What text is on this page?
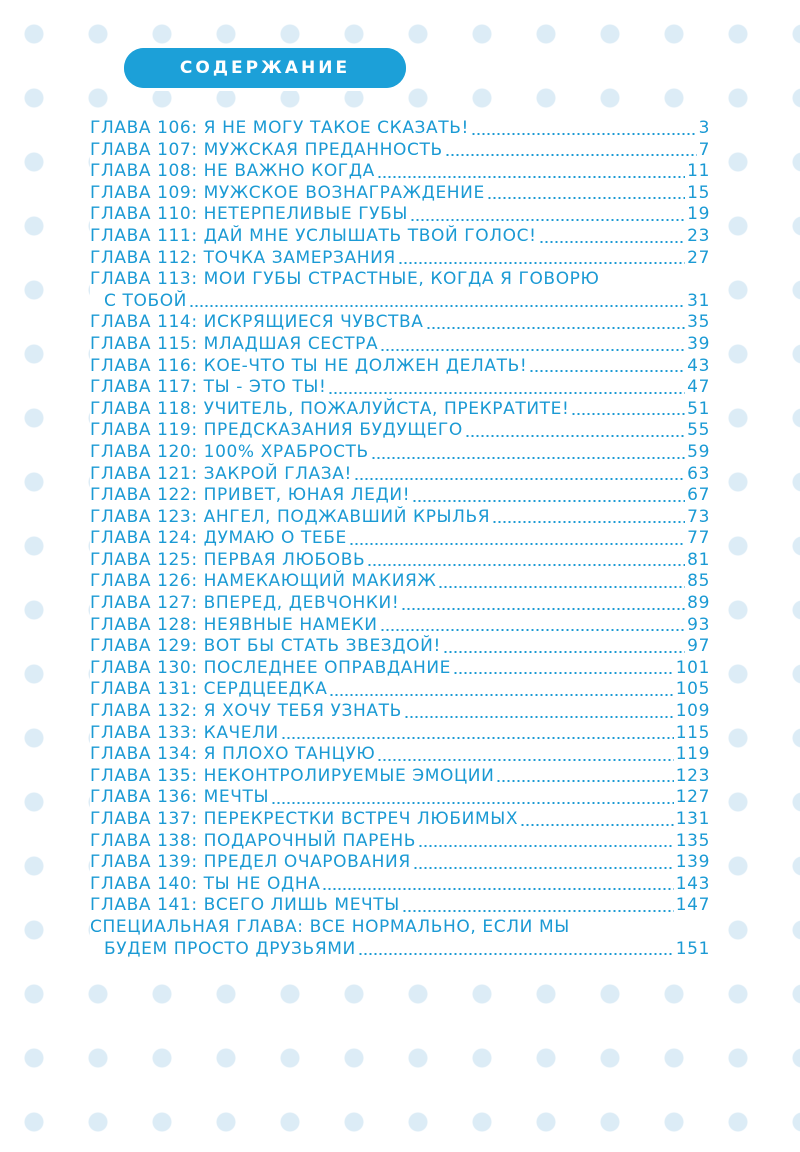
СОДЕРЖАНИЕ
ГЛАВА 106: Я НЕ МОГУ ТАКОЕ СКАЗАТЬ!	3
ГЛАВА 107: МУЖСКАЯ ПРЕДАННОСТЬ	7
ГЛАВА 108: НЕ ВАЖНО КОГДА	11
ГЛАВА 109: МУЖСКОЕ ВОЗНАГРАЖДЕНИЕ	15
ГЛАВА 110: НЕТЕРПЕЛИВЫЕ ГУБЫ	19
ГЛАВА 111: ДАЙ МНЕ УСЛЫШАТЬ ТВОЙ ГОЛОС!	23
ГЛАВА 112: ТОЧКА ЗАМЕРЗАНИЯ	27
ГЛАВА 113: МОИ ГУБЫ СТРАСТНЫЕ, КОГДА Я ГОВОРЮ
С ТОБОЙ	31
ГЛАВА 114: ИСКРЯЩИЕСЯ ЧУВСТВА	35
ГЛАВА 115: МЛАДШАЯ СЕСТРА	39
ГЛАВА 116: КОЕ-ЧТО ТЫ НЕ ДОЛЖЕН ДЕЛАТЬ!	43
ГЛАВА 117: ТЫ - ЭТО ТЫ!	47
ГЛАВА 118: УЧИТЕЛЬ, ПОЖАЛУЙСТА, ПРЕКРАТИТЕ!	51
ГЛАВА 119: ПРЕДСКАЗАНИЯ БУДУЩЕГО	55
ГЛАВА 120: 100% ХРАБРОСТЬ	59
ГЛАВА 121: ЗАКРОЙ ГЛАЗА!	63
ГЛАВА 122: ПРИВЕТ, ЮНАЯ ЛЕДИ!	67
ГЛАВА 123: АНГЕЛ, ПОДЖАВШИЙ КРЫЛЬЯ	73
ГЛАВА 124: ДУМАЮ О ТЕБЕ	77
ГЛАВА 125: ПЕРВАЯ ЛЮБОВЬ	81
ГЛАВА 126: НАМЕКАЮЩИЙ МАКИЯЖ	85
ГЛАВА 127: ВПЕРЕД, ДЕВЧОНКИ!	89
ГЛАВА 128: НЕЯВНЫЕ НАМЕКИ	93
ГЛАВА 129: ВОТ БЫ СТАТЬ ЗВЕЗДОЙ!	97
ГЛАВА 130: ПОСЛЕДНЕЕ ОПРАВДАНИЕ	101
ГЛАВА 131: СЕРДЦЕЕДКА	105
ГЛАВА 132: Я ХОЧУ ТЕБЯ УЗНАТЬ	109
ГЛАВА 133: КАЧЕЛИ	115
ГЛАВА 134: Я ПЛОХО ТАНЦУЮ	119
ГЛАВА 135: НЕКОНТРОЛИРУЕМЫЕ ЭМОЦИИ	123
ГЛАВА 136: МЕЧТЫ	127
ГЛАВА 137: ПЕРЕКРЕСТКИ ВСТРЕЧ ЛЮБИМЫХ	131
ГЛАВА 138: ПОДАРОЧНЫЙ ПАРЕНЬ	135
ГЛАВА 139: ПРЕДЕЛ ОЧАРОВАНИЯ	139
ГЛАВА 140: ТЫ НЕ ОДНА	143
ГЛАВА 141: ВСЕГО ЛИШЬ МЕЧТЫ	147
СПЕЦИАЛЬНАЯ ГЛАВА: ВСЕ НОРМАЛЬНО, ЕСЛИ МЫ
БУДЕМ ПРОСТО ДРУЗЬЯМИ	151
